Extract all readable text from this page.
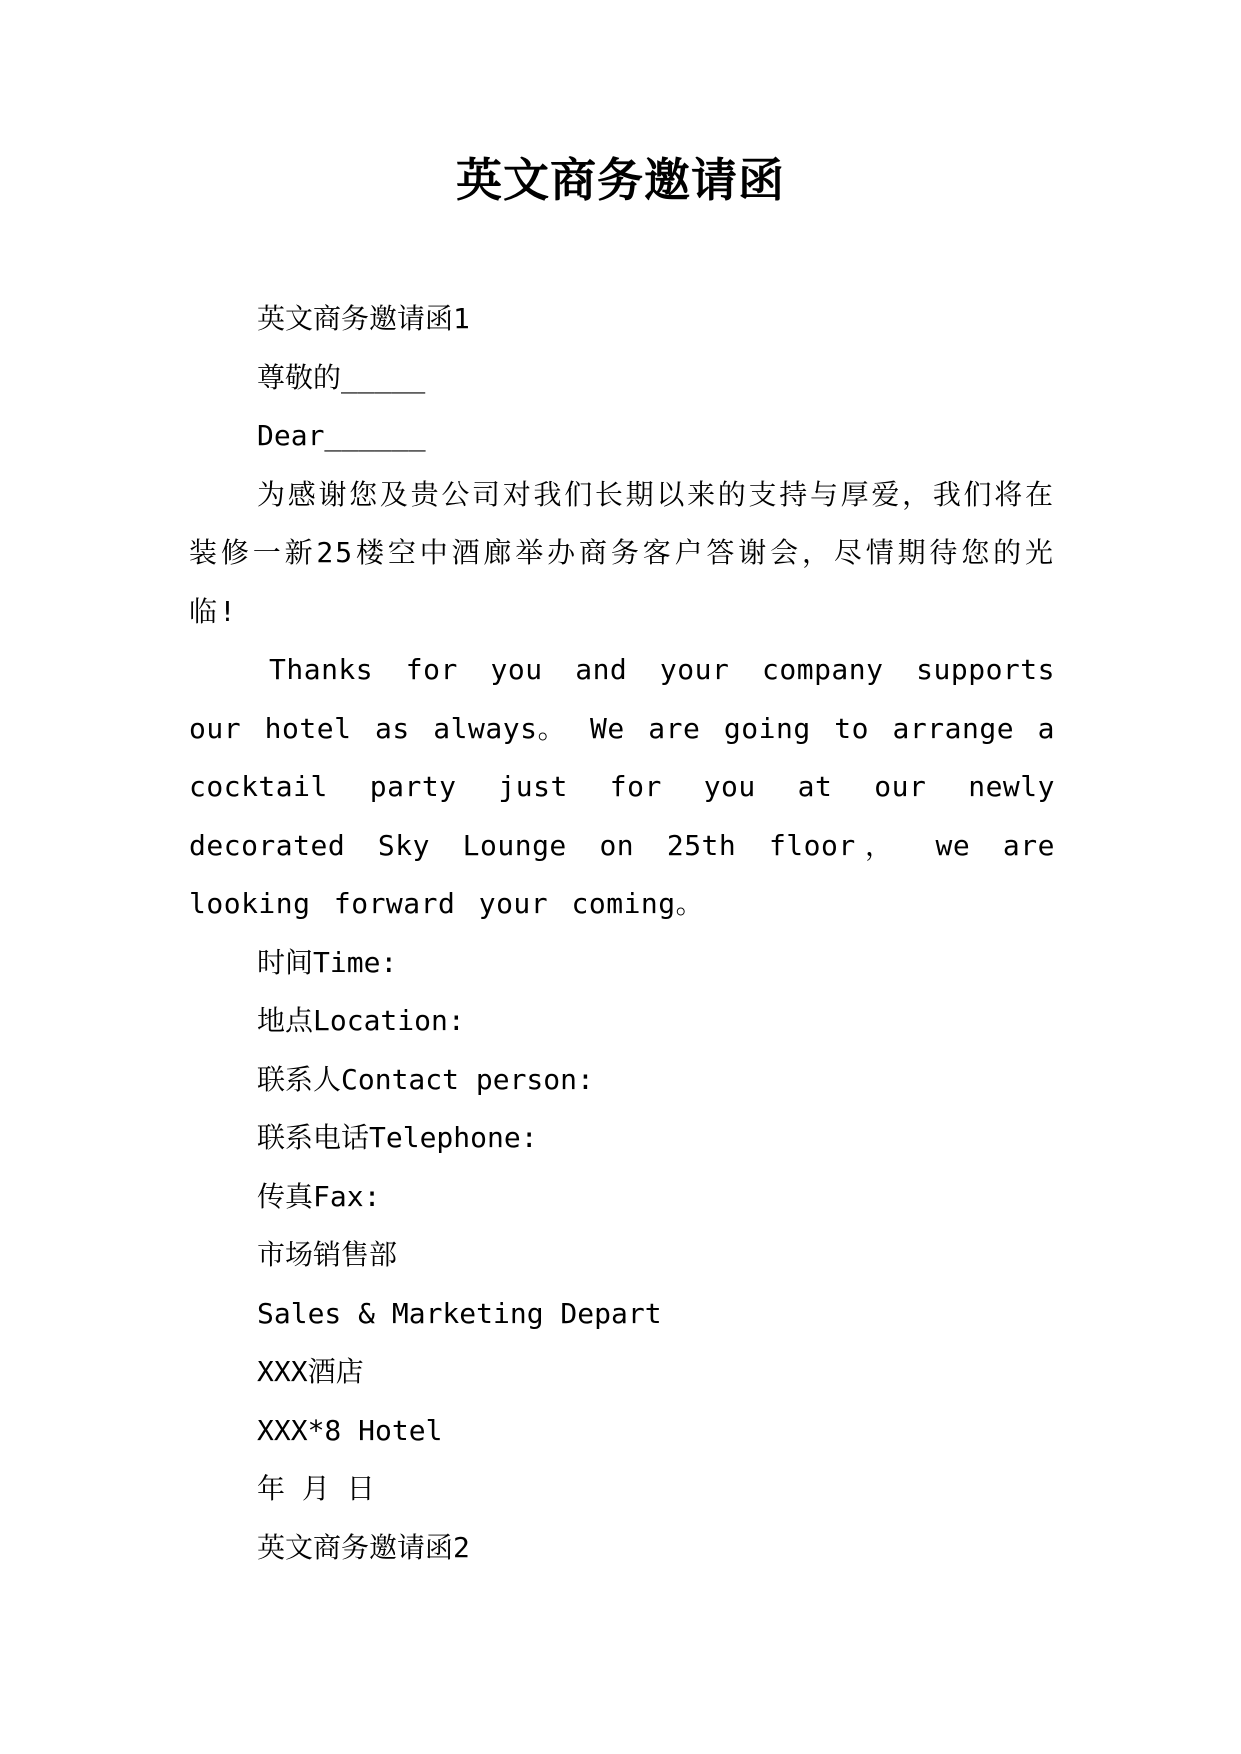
英文商务邀请函

英文商务邀请函1

尊敬的_____

Dear______

为感谢您及贵公司对我们长期以来的支持与厚爱，我们将在装修一新25楼空中酒廊举办商务客户答谢会，尽情期待您的光临!

Thanks for you and your company supports our hotel as always。 We are going to arrange a cocktail party just for you at our newly decorated Sky Lounge on 25th floor， we are looking forward your coming。

时间Time:

地点Location:

联系人Contact person:

联系电话Telephone:

传真Fax:

市场销售部

Sales & Marketing Depart

XXX酒店

XXX*8 Hotel

年 月 日

英文商务邀请函2
